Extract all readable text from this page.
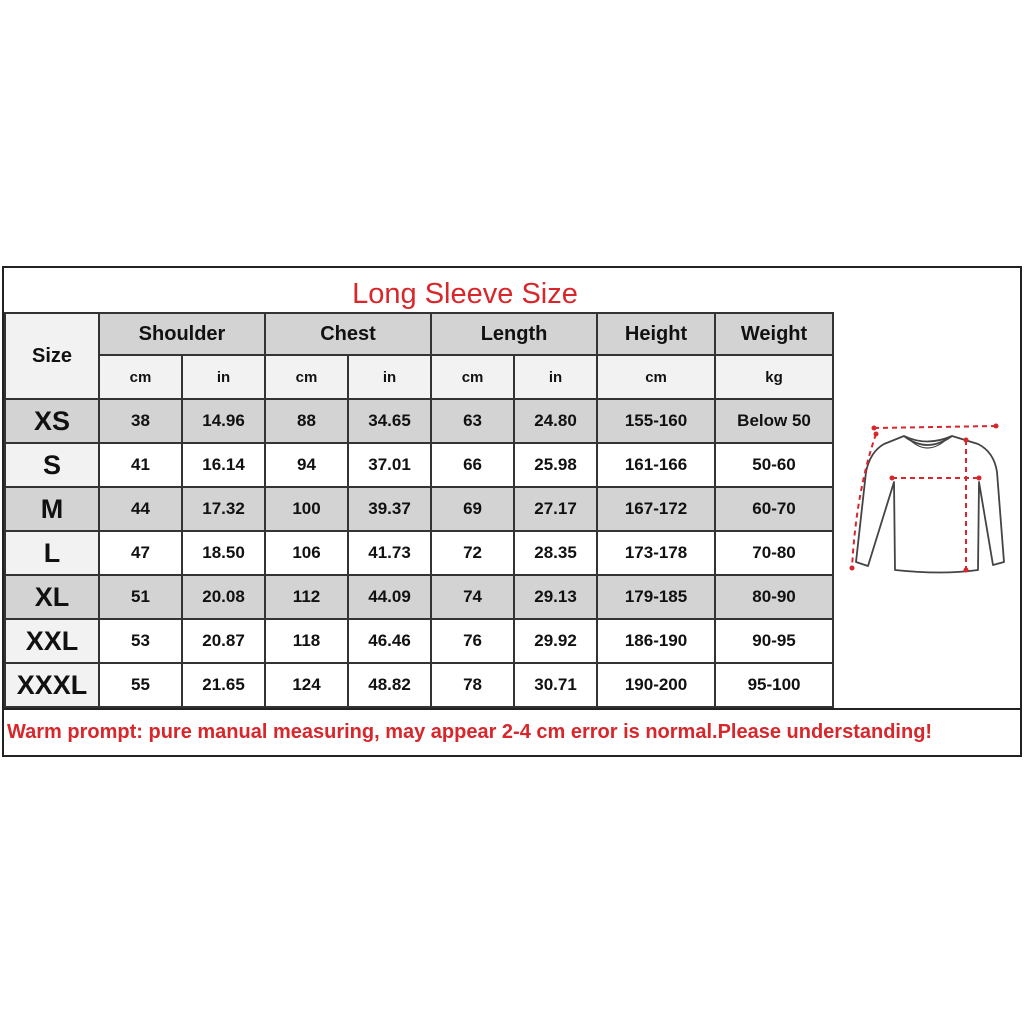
Long Sleeve Size
Size	Shoulder		Chest		Length		Height	Weight
	cm	in	cm	in	cm	in	cm	kg
XS	38	14.96	88	34.65	63	24.80	155-160	Below 50
S	41	16.14	94	37.01	66	25.98	161-166	50-60
M	44	17.32	100	39.37	69	27.17	167-172	60-70
L	47	18.50	106	41.73	72	28.35	173-178	70-80
XL	51	20.08	112	44.09	74	29.13	179-185	80-90
XXL	53	20.87	118	46.46	76	29.92	186-190	90-95
XXXL	55	21.65	124	48.82	78	30.71	190-200	95-100
Warm prompt: pure manual measuring, may appear 2-4 cm error is normal.Please understanding!
